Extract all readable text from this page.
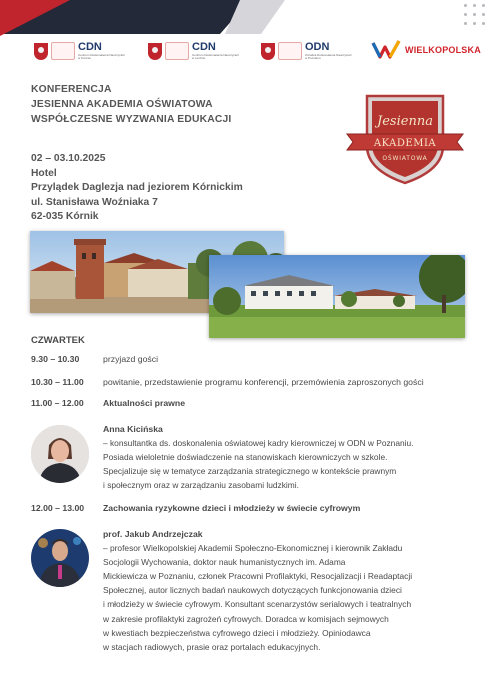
CDN
Centrum Doskonalenia Nauczycieli w Koninie
CDN
Centrum Doskonalenia Nauczycieli w Lesznie
ODN
Ośrodek Doskonalenia Nauczycieli w Poznaniu
WIELKOPOLSKA
KONFERENCJA
JESIENNA AKADEMIA OŚWIATOWA
WSPÓŁCZESNE WYZWANIA EDUKACJI
02 – 03.10.2025
Hotel
Przylądek Daglezja nad jeziorem Kórnickim
ul. Stanisława Woźniaka 7
62-035 Kórnik
Jesienna
AKADEMIA
OŚWIATOWA
CZWARTEK
9.30 – 10.30	przyjazd gości
10.30 – 11.00 powitanie, przedstawienie programu konferencji, przemówienia zaproszonych gości
11.00 – 12.00 Aktualności prawne

Anna Kicińska

– konsultantka ds. doskonalenia oświatowej kadry kierowniczej w ODN w Poznaniu.

Posiada wieloletnie doświadczenie na stanowiskach kierowniczych w szkole.

Specjalizuje się w tematyce zarządzania strategicznego w kontekście prawnym

i społecznym oraz w zarządzaniu zasobami ludzkimi.

12.00 – 13.00 Zachowania ryzykowne dzieci i młodzieży w świecie cyfrowym

prof. Jakub Andrzejczak

– profesor Wielkopolskiej Akademii Społeczno-Ekonomicznej i kierownik Zakładu

Socjologii Wychowania, doktor nauk humanistycznych im. Adama

Mickiewicza w Poznaniu, członek Pracowni Profilaktyki, Resocjalizacji i Readaptacji

Społecznej, autor licznych badań naukowych dotyczących funkcjonowania dzieci

i młodzieży w świecie cyfrowym. Konsultant scenarzystów serialowych i teatralnych

w zakresie profilaktyki zagrożeń cyfrowych. Doradca w komisjach sejmowych

w kwestiach bezpieczeństwa cyfrowego dzieci i młodzieży. Opiniodawca

w stacjach radiowych, prasie oraz portalach edukacyjnych.
